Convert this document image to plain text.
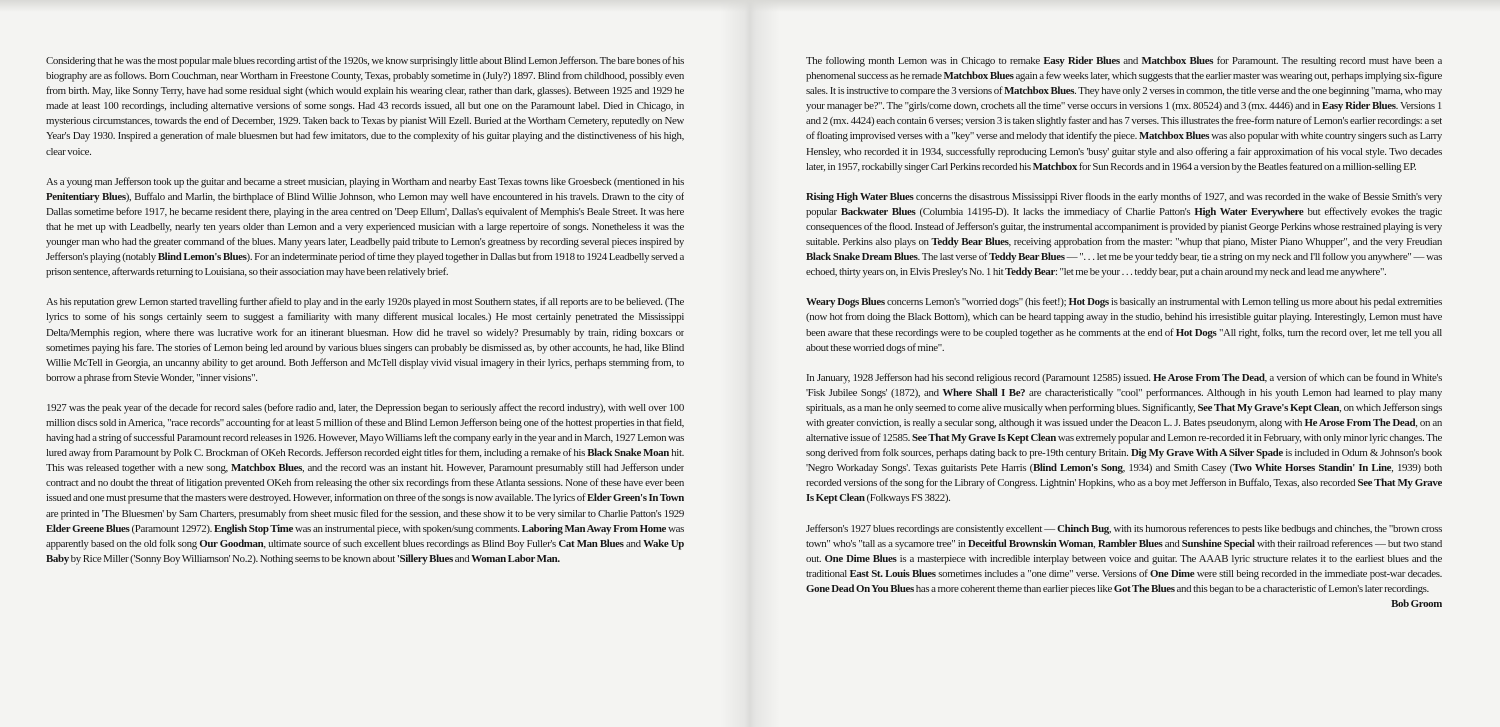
Considering that he was the most popular male blues recording artist of the 1920s, we know surprisingly little about Blind Lemon Jefferson. The bare bones of his biography are as follows. Born Couchman, near Wortham in Freestone County, Texas, probably sometime in (July?) 1897. Blind from childhood, possibly even from birth. May, like Sonny Terry, have had some residual sight (which would explain his wearing clear, rather than dark, glasses). Between 1925 and 1929 he made at least 100 recordings, including alternative versions of some songs. Had 43 records issued, all but one on the Paramount label. Died in Chicago, in mysterious circumstances, towards the end of December, 1929. Taken back to Texas by pianist Will Ezell. Buried at the Wortham Cemetery, reputedly on New Year's Day 1930. Inspired a generation of male bluesmen but had few imitators, due to the complexity of his guitar playing and the distinctiveness of his high, clear voice.

As a young man Jefferson took up the guitar and became a street musician, playing in Wortham and nearby East Texas towns like Groesbeck (mentioned in his Penitentiary Blues), Buffalo and Marlin, the birthplace of Blind Willie Johnson, who Lemon may well have encountered in his travels. Drawn to the city of Dallas sometime before 1917, he became resident there, playing in the area centred on 'Deep Ellum', Dallas's equivalent of Memphis's Beale Street. It was here that he met up with Leadbelly, nearly ten years older than Lemon and a very experienced musician with a large repertoire of songs. Nonetheless it was the younger man who had the greater command of the blues. Many years later, Leadbelly paid tribute to Lemon's greatness by recording several pieces inspired by Jefferson's playing (notably Blind Lemon's Blues). For an indeterminate period of time they played together in Dallas but from 1918 to 1924 Leadbelly served a prison sentence, afterwards returning to Louisiana, so their association may have been relatively brief.

As his reputation grew Lemon started travelling further afield to play and in the early 1920s played in most Southern states, if all reports are to be believed. (The lyrics to some of his songs certainly seem to suggest a familiarity with many different musical locales.) He most certainly penetrated the Mississippi Delta/Memphis region, where there was lucrative work for an itinerant bluesman. How did he travel so widely? Presumably by train, riding boxcars or sometimes paying his fare. The stories of Lemon being led around by various blues singers can probably be dismissed as, by other accounts, he had, like Blind Willie McTell in Georgia, an uncanny ability to get around. Both Jefferson and McTell display vivid visual imagery in their lyrics, perhaps stemming from, to borrow a phrase from Stevie Wonder, "inner visions".

1927 was the peak year of the decade for record sales (before radio and, later, the Depression began to seriously affect the record industry), with well over 100 million discs sold in America, "race records" accounting for at least 5 million of these and Blind Lemon Jefferson being one of the hottest properties in that field, having had a string of successful Paramount record releases in 1926. However, Mayo Williams left the company early in the year and in March, 1927 Lemon was lured away from Paramount by Polk C. Brockman of OKeh Records. Jefferson recorded eight titles for them, including a remake of his Black Snake Moan hit. This was released together with a new song, Matchbox Blues, and the record was an instant hit. However, Paramount presumably still had Jefferson under contract and no doubt the threat of litigation prevented OKeh from releasing the other six recordings from these Atlanta sessions. None of these have ever been issued and one must presume that the masters were destroyed. However, information on three of the songs is now available. The lyrics of Elder Green's In Town are printed in 'The Bluesmen' by Sam Charters, presumably from sheet music filed for the session, and these show it to be very similar to Charlie Patton's 1929 Elder Greene Blues (Paramount 12972). English Stop Time was an instrumental piece, with spoken/sung comments. Laboring Man Away From Home was apparently based on the old folk song Our Goodman, ultimate source of such excellent blues recordings as Blind Boy Fuller's Cat Man Blues and Wake Up Baby by Rice Miller ('Sonny Boy Williamson' No.2). Nothing seems to be known about 'Sillery Blues and Woman Labor Man.

The following month Lemon was in Chicago to remake Easy Rider Blues and Matchbox Blues for Paramount. The resulting record must have been a phenomenal success as he remade Matchbox Blues again a few weeks later, which suggests that the earlier master was wearing out, perhaps implying six-figure sales. It is instructive to compare the 3 versions of Matchbox Blues. They have only 2 verses in common, the title verse and the one beginning "mama, who may your manager be?". The "girls/come down, crochets all the time" verse occurs in versions 1 (mx. 80524) and 3 (mx. 4446) and in Easy Rider Blues. Versions 1 and 2 (mx. 4424) each contain 6 verses; version 3 is taken slightly faster and has 7 verses. This illustrates the free-form nature of Lemon's earlier recordings: a set of floating improvised verses with a "key" verse and melody that identify the piece. Matchbox Blues was also popular with white country singers such as Larry Hensley, who recorded it in 1934, successfully reproducing Lemon's 'busy' guitar style and also offering a fair approximation of his vocal style. Two decades later, in 1957, rockabilly singer Carl Perkins recorded his Matchbox for Sun Records and in 1964 a version by the Beatles featured on a million-selling EP.

Rising High Water Blues concerns the disastrous Mississippi River floods in the early months of 1927, and was recorded in the wake of Bessie Smith's very popular Backwater Blues (Columbia 14195-D). It lacks the immediacy of Charlie Patton's High Water Everywhere but effectively evokes the tragic consequences of the flood. Instead of Jefferson's guitar, the instrumental accompaniment is provided by pianist George Perkins whose restrained playing is very suitable. Perkins also plays on Teddy Bear Blues, receiving approbation from the master: "whup that piano, Mister Piano Whupper", and the very Freudian Black Snake Dream Blues. The last verse of Teddy Bear Blues — ". . . let me be your teddy bear, tie a string on my neck and I'll follow you anywhere" — was echoed, thirty years on, in Elvis Presley's No. 1 hit Teddy Bear: "let me be your . . . teddy bear, put a chain around my neck and lead me anywhere".

Weary Dogs Blues concerns Lemon's "worried dogs" (his feet!); Hot Dogs is basically an instrumental with Lemon telling us more about his pedal extremities (now hot from doing the Black Bottom), which can be heard tapping away in the studio, behind his irresistible guitar playing. Interestingly, Lemon must have been aware that these recordings were to be coupled together as he comments at the end of Hot Dogs "All right, folks, turn the record over, let me tell you all about these worried dogs of mine".

In January, 1928 Jefferson had his second religious record (Paramount 12585) issued. He Arose From The Dead, a version of which can be found in White's 'Fisk Jubilee Songs' (1872), and Where Shall I Be? are characteristically "cool" performances. Although in his youth Lemon had learned to play many spirituals, as a man he only seemed to come alive musically when performing blues. Significantly, See That My Grave's Kept Clean, on which Jefferson sings with greater conviction, is really a secular song, although it was issued under the Deacon L. J. Bates pseudonym, along with He Arose From The Dead, on an alternative issue of 12585. See That My Grave Is Kept Clean was extremely popular and Lemon re-recorded it in February, with only minor lyric changes. The song derived from folk sources, perhaps dating back to pre-19th century Britain. Dig My Grave With A Silver Spade is included in Odum & Johnson's book 'Negro Workaday Songs'. Texas guitarists Pete Harris (Blind Lemon's Song, 1934) and Smith Casey (Two White Horses Standin' In Line, 1939) both recorded versions of the song for the Library of Congress. Lightnin' Hopkins, who as a boy met Jefferson in Buffalo, Texas, also recorded See That My Grave Is Kept Clean (Folkways FS 3822).

Jefferson's 1927 blues recordings are consistently excellent — Chinch Bug, with its humorous references to pests like bedbugs and chinches, the "brown cross town" who's "tall as a sycamore tree" in Deceitful Brownskin Woman, Rambler Blues and Sunshine Special with their railroad references — but two stand out. One Dime Blues is a masterpiece with incredible interplay between voice and guitar. The AAAB lyric structure relates it to the earliest blues and the traditional East St. Louis Blues sometimes includes a "one dime" verse. Versions of One Dime were still being recorded in the immediate post-war decades. Gone Dead On You Blues has a more coherent theme than earlier pieces like Got The Blues and this began to be a characteristic of Lemon's later recordings.
Bob Groom
